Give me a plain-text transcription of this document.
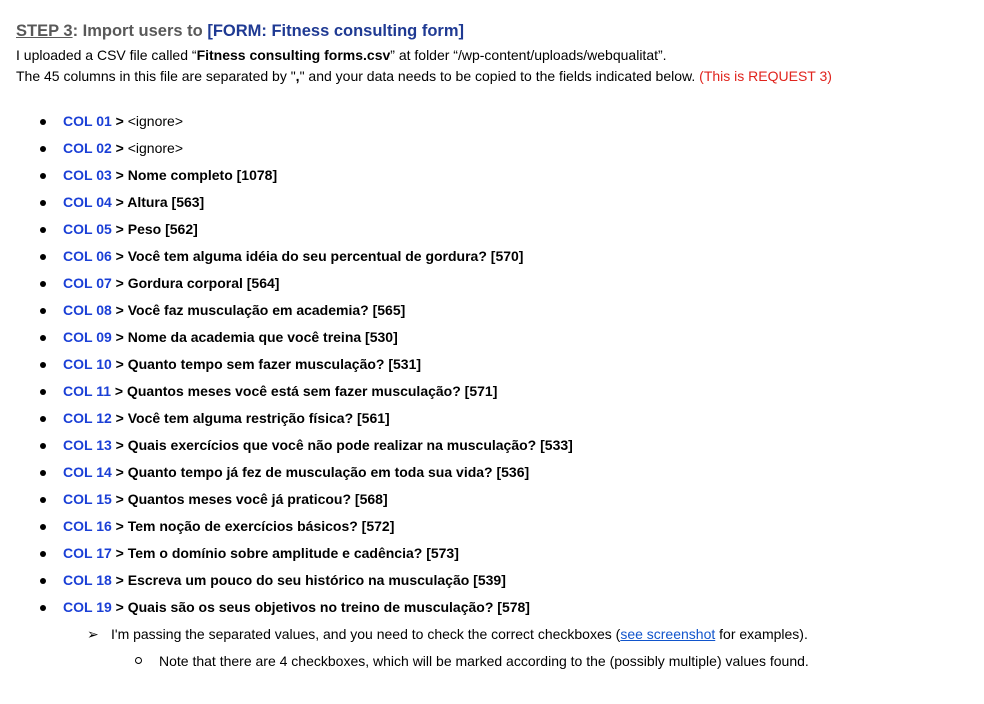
STEP 3: Import users to [FORM: Fitness consulting form]
I uploaded a CSV file called “Fitness consulting forms.csv” at folder “/wp-content/uploads/webqualitat”.
The 45 columns in this file are separated by "," and your data needs to be copied to the fields indicated below. (This is REQUEST 3)
COL 01 > <ignore>
COL 02 > <ignore>
COL 03 > Nome completo [1078]
COL 04 > Altura [563]
COL 05 > Peso [562]
COL 06 > Você tem alguma idéia do seu percentual de gordura? [570]
COL 07 > Gordura corporal [564]
COL 08 > Você faz musculação em academia? [565]
COL 09 > Nome da academia que você treina [530]
COL 10 > Quanto tempo sem fazer musculação? [531]
COL 11 > Quantos meses você está sem fazer musculação? [571]
COL 12 > Você tem alguma restrição física? [561]
COL 13 > Quais exercícios que você não pode realizar na musculação? [533]
COL 14 > Quanto tempo já fez de musculação em toda sua vida? [536]
COL 15 > Quantos meses você já praticou? [568]
COL 16 > Tem noção de exercícios básicos? [572]
COL 17 > Tem o domínio sobre amplitude e cadência? [573]
COL 18 > Escreva um pouco do seu histórico na musculação [539]
COL 19 > Quais são os seus objetivos no treino de musculação? [578]
➢ I'm passing the separated values, and you need to check the correct checkboxes (see screenshot for examples).
Note that there are 4 checkboxes, which will be marked according to the (possibly multiple) values found.
